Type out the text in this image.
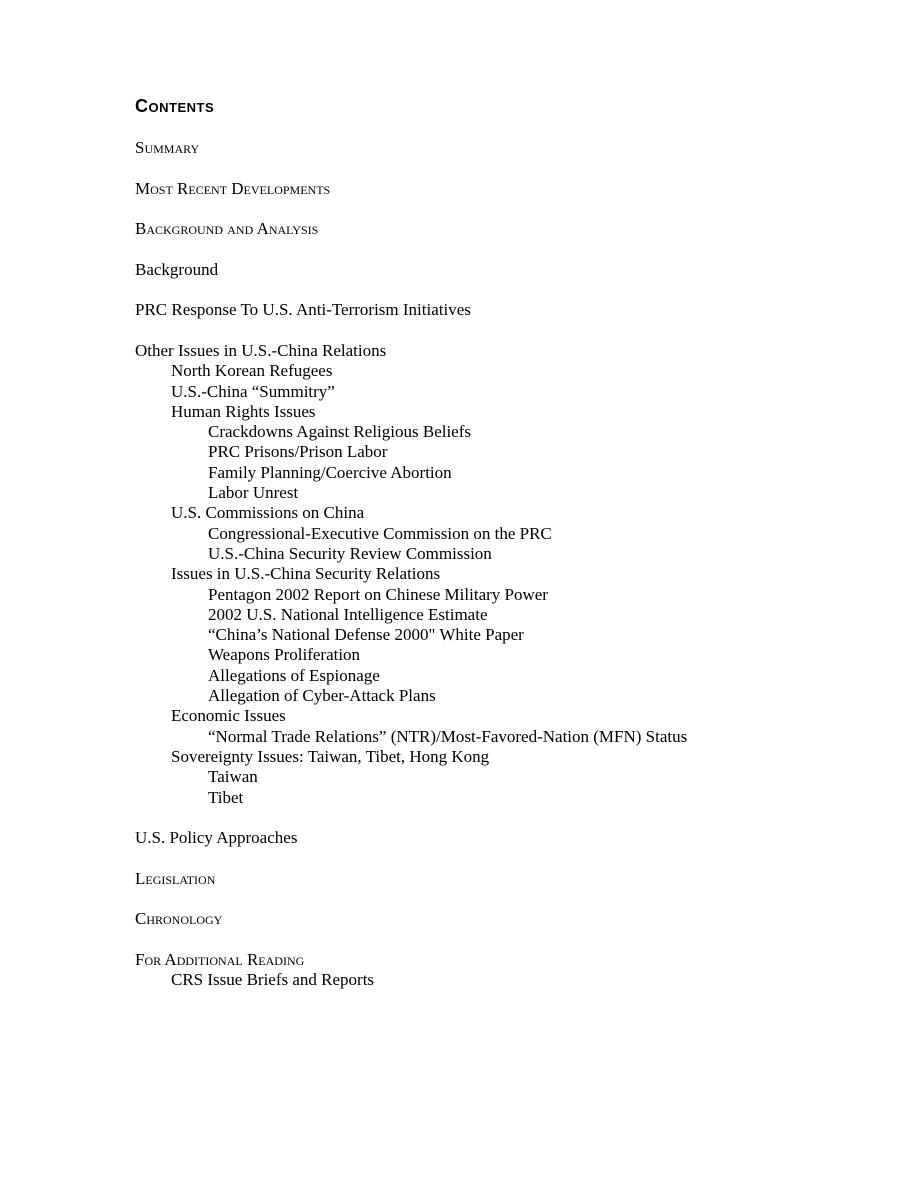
Contents
Summary
Most Recent Developments
Background and Analysis
Background
PRC Response To U.S. Anti-Terrorism Initiatives
Other Issues in U.S.-China Relations
North Korean Refugees
U.S.-China “Summitry”
Human Rights Issues
Crackdowns Against Religious Beliefs
PRC Prisons/Prison Labor
Family Planning/Coercive Abortion
Labor Unrest
U.S. Commissions on China
Congressional-Executive Commission on the PRC
U.S.-China Security Review Commission
Issues in U.S.-China Security Relations
Pentagon 2002 Report on Chinese Military Power
2002 U.S. National Intelligence Estimate
“China’s National Defense 2000" White Paper
Weapons Proliferation
Allegations of Espionage
Allegation of Cyber-Attack Plans
Economic Issues
“Normal Trade Relations” (NTR)/Most-Favored-Nation (MFN) Status
Sovereignty Issues: Taiwan, Tibet, Hong Kong
Taiwan
Tibet
U.S. Policy Approaches
Legislation
Chronology
For Additional Reading
CRS Issue Briefs and Reports
